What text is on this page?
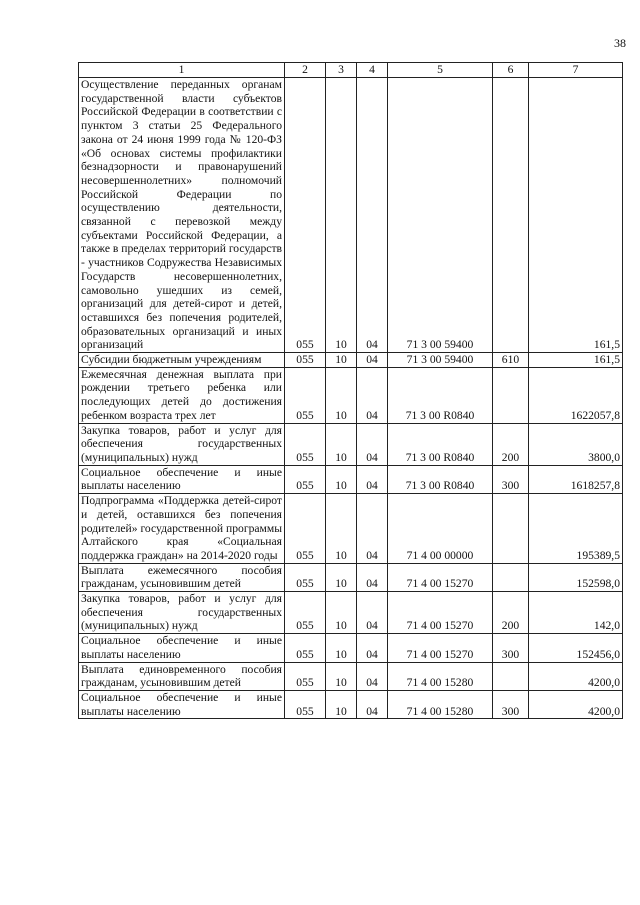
38
1	2	3	4	5	6	7
Осуществление переданных органам государственной власти субъектов Российской Федерации в соответствии с пунктом 3 статьи 25 Федерального закона от 24 июня 1999 года № 120-ФЗ «Об основах системы профилактики безнадзорности и правонарушений несовершеннолетних» полномочий Российской Федерации по осуществлению деятельности, связанной с перевозкой между субъектами Российской Федерации, а также в пределах территорий государств - участников Содружества Независимых Государств несовершеннолетних, самовольно ушедших из семей, организаций для детей-сирот и детей, оставшихся без попечения родителей, образовательных организаций и иных организаций	055	10	04	71 3 00 59400		161,5
Субсидии бюджетным учреждениям	055	10	04	71 3 00 59400	610	161,5
Ежемесячная денежная выплата при рождении третьего ребенка или последующих детей до достижения ребенком возраста трех лет	055	10	04	71 3 00 R0840		1622057,8
Закупка товаров, работ и услуг для обеспечения государственных (муниципальных) нужд	055	10	04	71 3 00 R0840	200	3800,0
Социальное обеспечение и иные выплаты населению	055	10	04	71 3 00 R0840	300	1618257,8
Подпрограмма «Поддержка детей-сирот и детей, оставшихся без попечения родителей» государственной программы Алтайского края «Социальная поддержка граждан» на 2014-2020 годы	055	10	04	71 4 00 00000		195389,5
Выплата ежемесячного пособия гражданам, усыновившим детей	055	10	04	71 4 00 15270		152598,0
Закупка товаров, работ и услуг для обеспечения государственных (муниципальных) нужд	055	10	04	71 4 00 15270	200	142,0
Социальное обеспечение и иные выплаты населению	055	10	04	71 4 00 15270	300	152456,0
Выплата единовременного пособия гражданам, усыновившим детей	055	10	04	71 4 00 15280		4200,0
Социальное обеспечение и иные выплаты населению	055	10	04	71 4 00 15280	300	4200,0
